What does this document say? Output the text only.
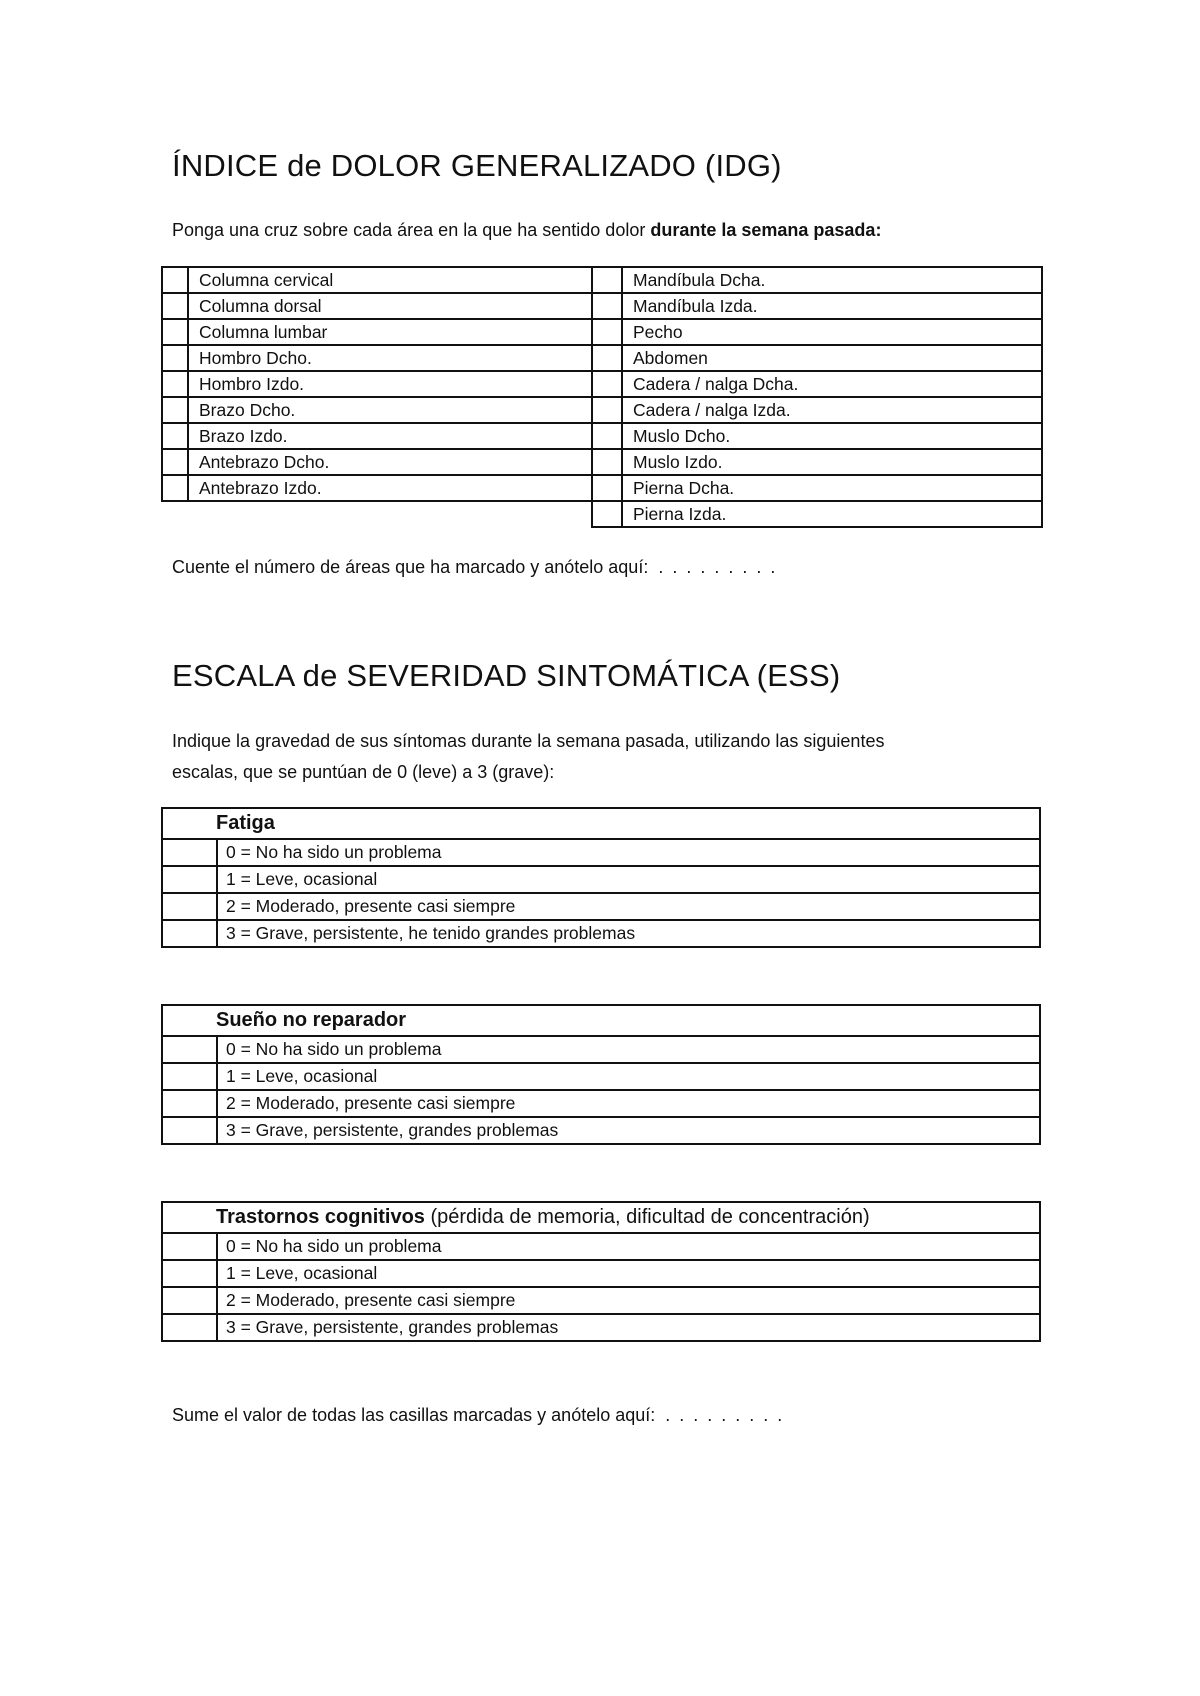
ÍNDICE de DOLOR GENERALIZADO (IDG)

Ponga una cruz sobre cada área en la que ha sentido dolor durante la semana pasada:

	Columna cervical			Mandíbula Dcha.
	Columna dorsal			Mandíbula Izda.
	Columna lumbar			Pecho
	Hombro Dcho.			Abdomen
	Hombro Izdo.			Cadera / nalga Dcha.
	Brazo Dcho.			Cadera / nalga Izda.
	Brazo Izdo.			Muslo Dcho.
	Antebrazo Dcho.			Muslo Izdo.
	Antebrazo Izdo.			Pierna Dcha.
				Pierna Izda.

Cuente el número de áreas que ha marcado y anótelo aquí: . . . . . . . . .

ESCALA de SEVERIDAD SINTOMÁTICA (ESS)

Indique la gravedad de sus síntomas durante la semana pasada, utilizando las siguientes

escalas, que se puntúan de 0 (leve) a 3 (grave):

Fatiga	
	0 = No ha sido un problema
	1 = Leve, ocasional
	2 = Moderado, presente casi siempre
	3 = Grave, persistente, he tenido grandes problemas
Sueño no reparador	
	0 = No ha sido un problema
	1 = Leve, ocasional
	2 = Moderado, presente casi siempre
	3 = Grave, persistente, grandes problemas
Trastornos cognitivos (pérdida de memoria, dificultad de concentración)	
	0 = No ha sido un problema
	1 = Leve, ocasional
	2 = Moderado, presente casi siempre
	3 = Grave, persistente, grandes problemas

Sume el valor de todas las casillas marcadas y anótelo aquí: . . . . . . . . .
